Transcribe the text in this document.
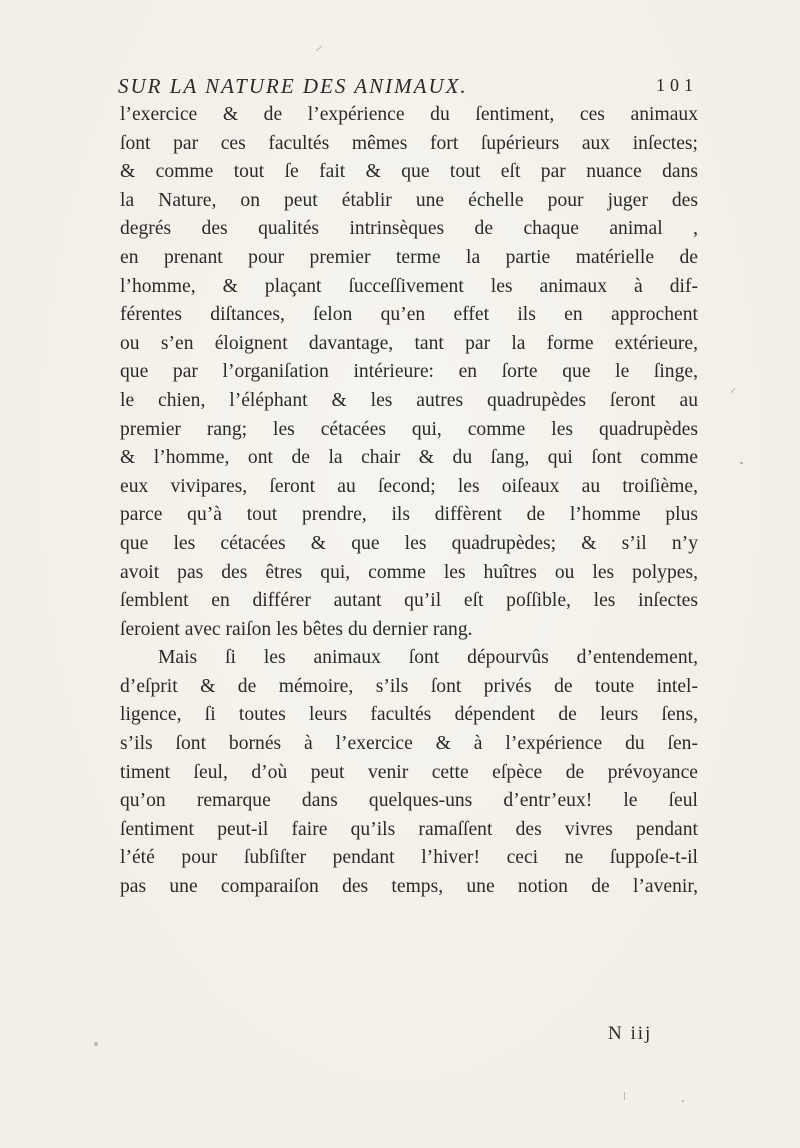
SUR LA NATURE DES ANIMAUX.	101
l’exercice & de l’expérience du ſentiment, ces animaux
ſont par ces facultés mêmes fort ſupérieurs aux inſectes;
& comme tout ſe fait & que tout eſt par nuance dans
la Nature, on peut établir une échelle pour juger des
degrés des qualités intrinsèques de chaque animal ,
en prenant pour premier terme la partie matérielle de
l’homme, & plaçant ſucceſſivement les animaux à dif-
férentes diſtances, ſelon qu’en effet ils en approchent
ou s’en éloignent davantage, tant par la forme extérieure,
que par l’organiſation intérieure: en ſorte que le ſinge,
le chien, l’éléphant & les autres quadrupèdes ſeront au
premier rang; les cétacées qui, comme les quadrupèdes
& l’homme, ont de la chair & du ſang, qui ſont comme
eux vivipares, ſeront au ſecond; les oiſeaux au troiſième,
parce qu’à tout prendre, ils diffèrent de l’homme plus
que les cétacées & que les quadrupèdes; & s’il n’y
avoit pas des êtres qui, comme les huîtres ou les polypes,
ſemblent en différer autant qu’il eſt poſſible, les inſectes
ſeroient avec raiſon les bêtes du dernier rang.
Mais ſi les animaux ſont dépourvûs d’entendement,
d’eſprit & de mémoire, s’ils ſont privés de toute intel-
ligence, ſi toutes leurs facultés dépendent de leurs ſens,
s’ils ſont bornés à l’exercice & à l’expérience du ſen-
timent ſeul, d’où peut venir cette eſpèce de prévoyance
qu’on remarque dans quelques-uns d’entr’eux! le ſeul
ſentiment peut-il faire qu’ils ramaſſent des vivres pendant
l’été pour ſubſiſter pendant l’hiver! ceci ne ſuppoſe-t-il
pas une comparaiſon des temps, une notion de l’avenir,
N iij
